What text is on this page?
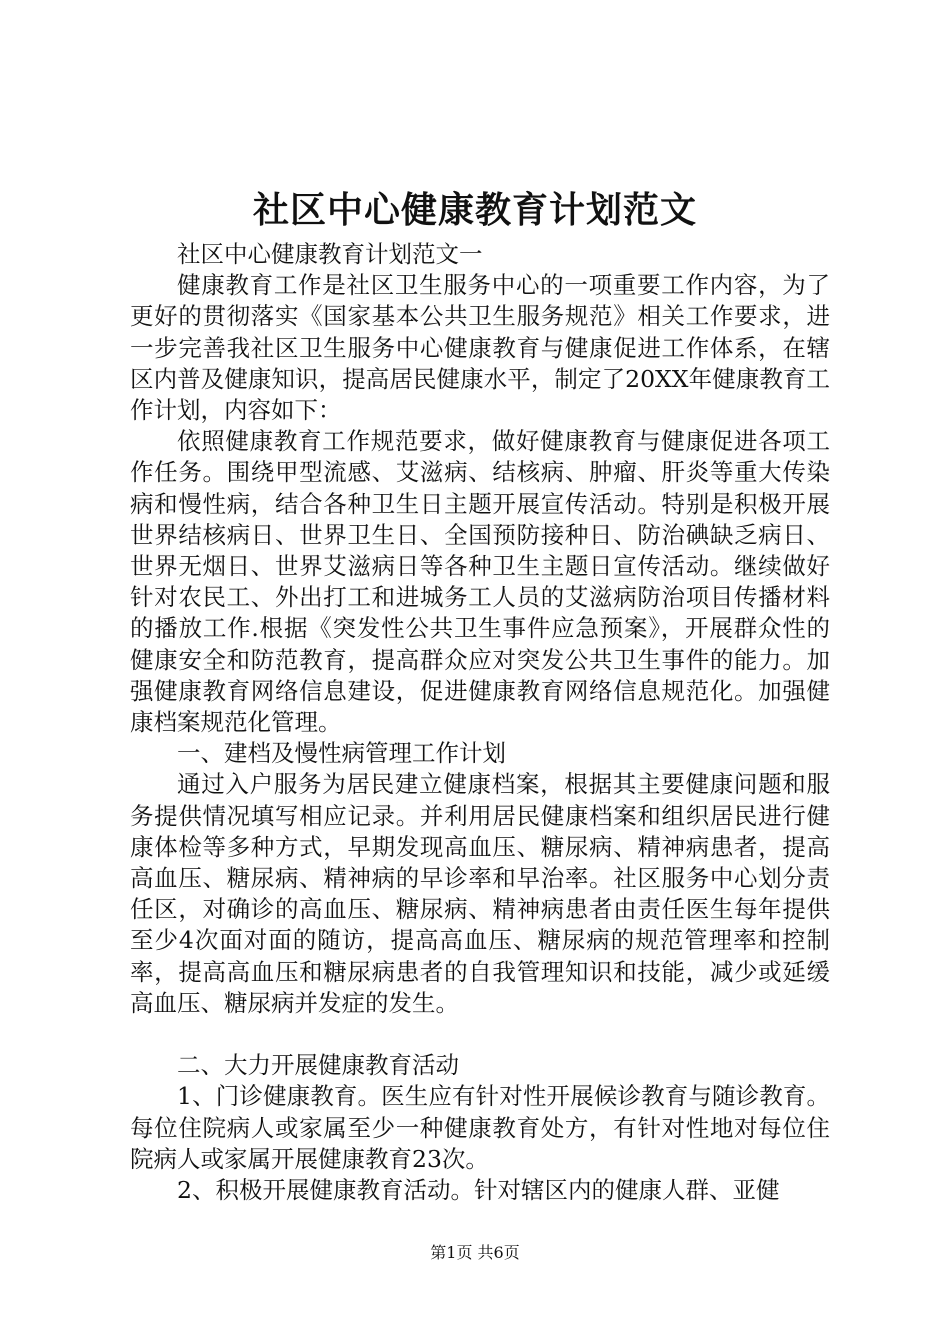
社区中心健康教育计划范文

社区中心健康教育计划范文一

健康教育工作是社区卫生服务中心的一项重要工作内容，为了更好的贯彻落实《国家基本公共卫生服务规范》相关工作要求，进一步完善我社区卫生服务中心健康教育与健康促进工作体系，在辖区内普及健康知识，提高居民健康水平，制定了20XX年健康教育工作计划，内容如下：

依照健康教育工作规范要求，做好健康教育与健康促进各项工作任务。围绕甲型流感、艾滋病、结核病、肿瘤、肝炎等重大传染病和慢性病，结合各种卫生日主题开展宣传活动。特别是积极开展世界结核病日、世界卫生日、全国预防接种日、防治碘缺乏病日、世界无烟日、世界艾滋病日等各种卫生主题日宣传活动。继续做好针对农民工、外出打工和进城务工人员的艾滋病防治项目传播材料的播放工作.根据《突发性公共卫生事件应急预案》，开展群众性的健康安全和防范教育，提高群众应对突发公共卫生事件的能力。加强健康教育网络信息建设，促进健康教育网络信息规范化。加强健康档案规范化管理。

一、建档及慢性病管理工作计划

通过入户服务为居民建立健康档案，根据其主要健康问题和服务提供情况填写相应记录。并利用居民健康档案和组织居民进行健康体检等多种方式，早期发现高血压、糖尿病、精神病患者，提高高血压、糖尿病、精神病的早诊率和早治率。社区服务中心划分责任区，对确诊的高血压、糖尿病、精神病患者由责任医生每年提供至少4次面对面的随访，提高高血压、糖尿病的规范管理率和控制率，提高高血压和糖尿病患者的自我管理知识和技能，减少或延缓高血压、糖尿病并发症的发生。

二、大力开展健康教育活动

1、门诊健康教育。医生应有针对性开展候诊教育与随诊教育。每位住院病人或家属至少一种健康教育处方，有针对性地对每位住院病人或家属开展健康教育23次。

2、积极开展健康教育活动。针对辖区内的健康人群、亚健

第1页 共6页
